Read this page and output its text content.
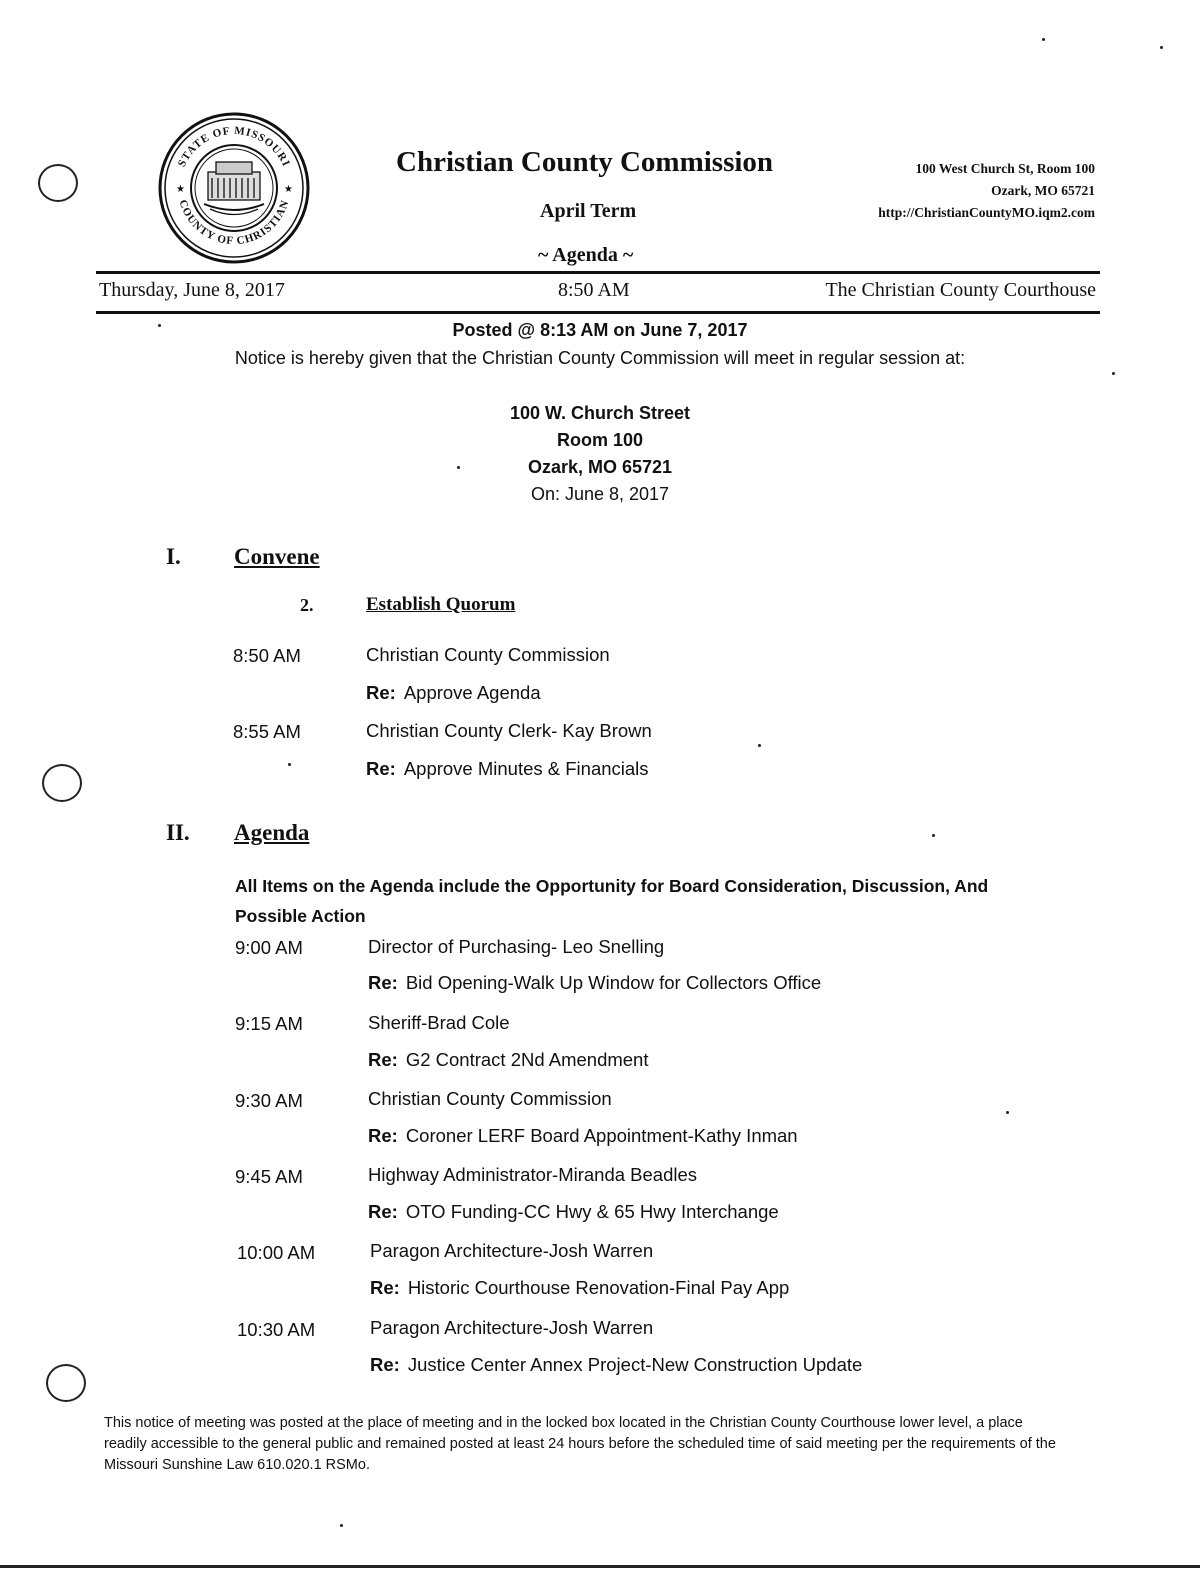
STATE OF MISSOURI
COUNTY OF CHRISTIAN
★	★
Christian County Commission
April Term
~ Agenda ~
100 West Church St, Room 100
Ozark, MO 65721
http://ChristianCountyMO.iqm2.com
Thursday, June 8, 2017	8:50 AM	The Christian County Courthouse
Posted @ 8:13 AM on June 7, 2017
Notice is hereby given that the Christian County Commission will meet in regular session at:
100 W. Church Street
Room 100
Ozark, MO 65721
On: June 8, 2017
I. Convene
2.	Establish Quorum
8:50 AM	Christian County Commission
Re: Approve Agenda
8:55 AM	Christian County Clerk- Kay Brown
Re: Approve Minutes & Financials
II. Agenda
All Items on the Agenda include the Opportunity for Board Consideration, Discussion, And Possible Action
9:00 AM	Director of Purchasing- Leo Snelling
Re: Bid Opening-Walk Up Window for Collectors Office
9:15 AM	Sheriff-Brad Cole
Re: G2 Contract 2Nd Amendment
9:30 AM	Christian County Commission
Re: Coroner LERF Board Appointment-Kathy Inman
9:45 AM	Highway Administrator-Miranda Beadles
Re: OTO Funding-CC Hwy & 65 Hwy Interchange
10:00 AM	Paragon Architecture-Josh Warren
Re: Historic Courthouse Renovation-Final Pay App
10:30 AM	Paragon Architecture-Josh Warren
Re: Justice Center Annex Project-New Construction Update
This notice of meeting was posted at the place of meeting and in the locked box located in the Christian County Courthouse lower level, a place readily accessible to the general public and remained posted at least 24 hours before the scheduled time of said meeting per the requirements of the Missouri Sunshine Law 610.020.1 RSMo.
